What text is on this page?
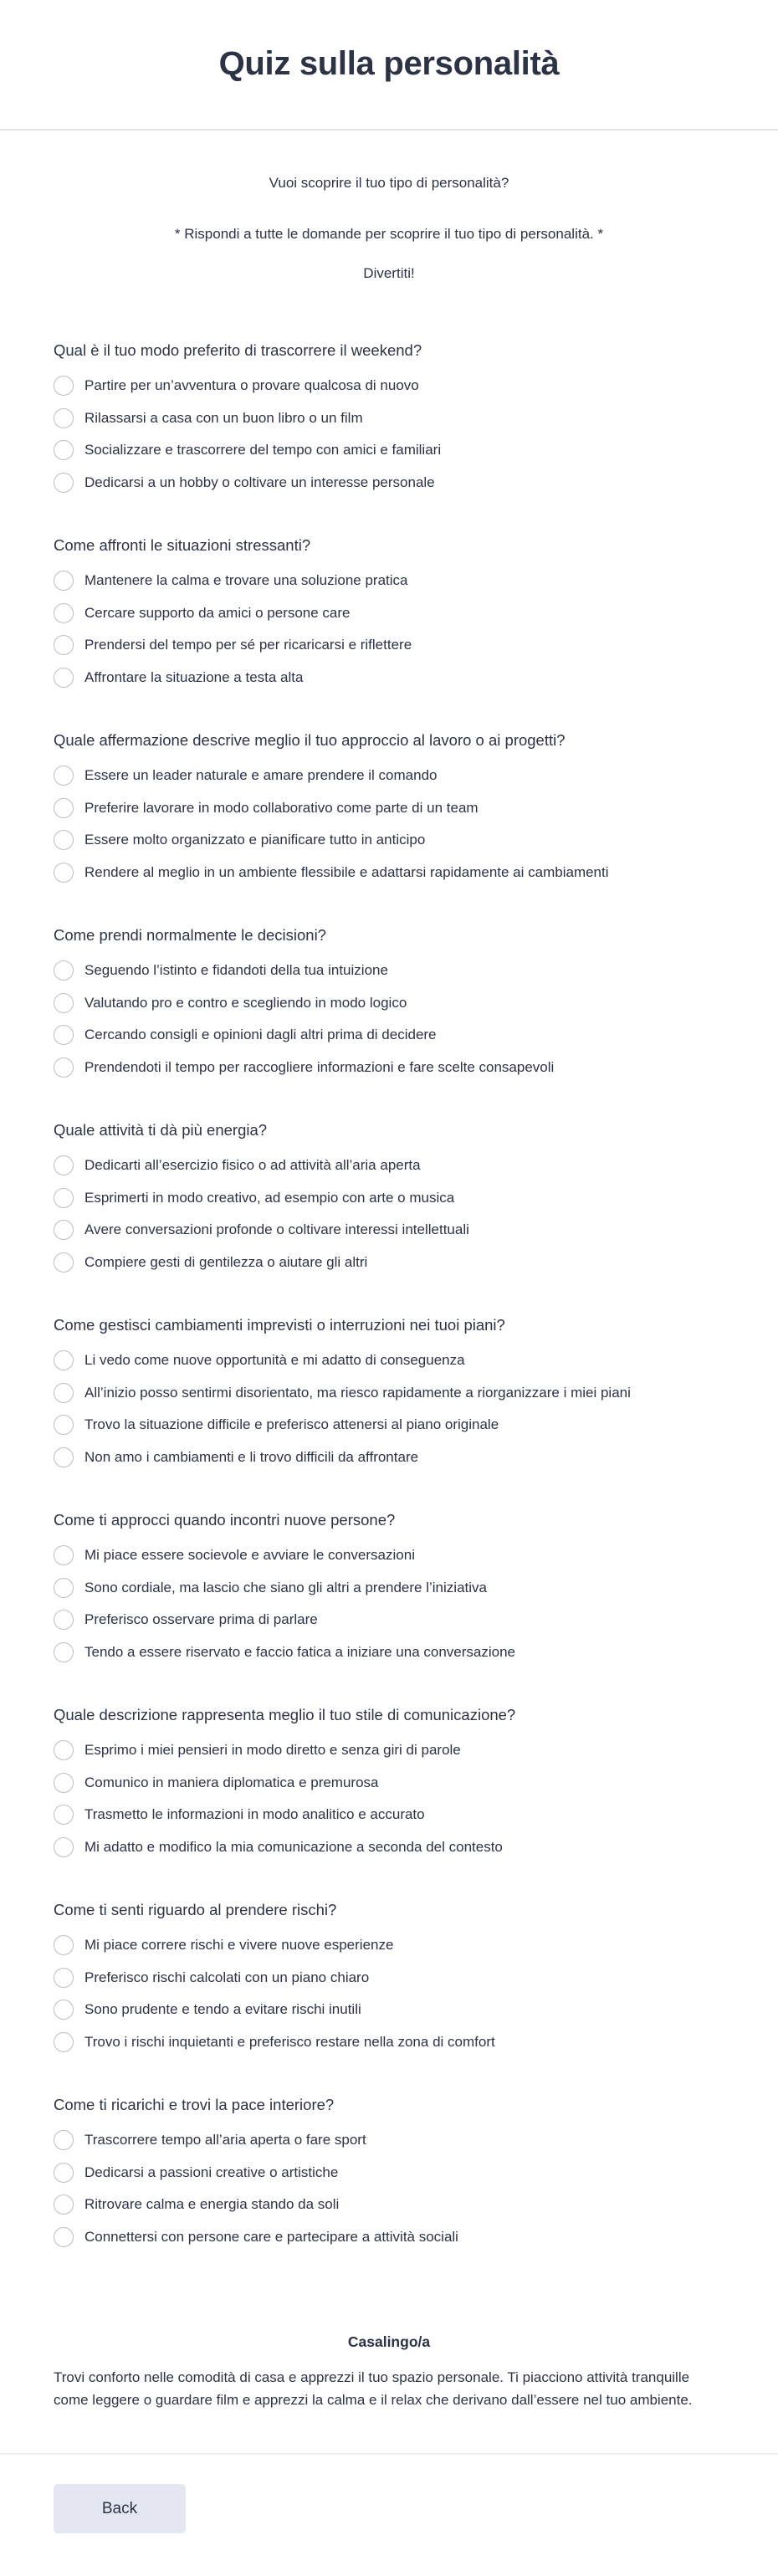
Quiz sulla personalità

Vuoi scoprire il tuo tipo di personalità?

* Rispondi a tutte le domande per scoprire il tuo tipo di personalità. *

Divertiti!

Qual è il tuo modo preferito di trascorrere il weekend?
Partire per un’avventura o provare qualcosa di nuovo
Rilassarsi a casa con un buon libro o un film
Socializzare e trascorrere del tempo con amici e familiari
Dedicarsi a un hobby o coltivare un interesse personale
Come affronti le situazioni stressanti?
Mantenere la calma e trovare una soluzione pratica
Cercare supporto da amici o persone care
Prendersi del tempo per sé per ricaricarsi e riflettere
Affrontare la situazione a testa alta
Quale affermazione descrive meglio il tuo approccio al lavoro o ai progetti?
Essere un leader naturale e amare prendere il comando
Preferire lavorare in modo collaborativo come parte di un team
Essere molto organizzato e pianificare tutto in anticipo
Rendere al meglio in un ambiente flessibile e adattarsi rapidamente ai cambiamenti
Come prendi normalmente le decisioni?
Seguendo l’istinto e fidandoti della tua intuizione
Valutando pro e contro e scegliendo in modo logico
Cercando consigli e opinioni dagli altri prima di decidere
Prendendoti il tempo per raccogliere informazioni e fare scelte consapevoli
Quale attività ti dà più energia?
Dedicarti all’esercizio fisico o ad attività all’aria aperta
Esprimerti in modo creativo, ad esempio con arte o musica
Avere conversazioni profonde o coltivare interessi intellettuali
Compiere gesti di gentilezza o aiutare gli altri
Come gestisci cambiamenti imprevisti o interruzioni nei tuoi piani?
Li vedo come nuove opportunità e mi adatto di conseguenza
All’inizio posso sentirmi disorientato, ma riesco rapidamente a riorganizzare i miei piani
Trovo la situazione difficile e preferisco attenersi al piano originale
Non amo i cambiamenti e li trovo difficili da affrontare
Come ti approcci quando incontri nuove persone?
Mi piace essere socievole e avviare le conversazioni
Sono cordiale, ma lascio che siano gli altri a prendere l’iniziativa
Preferisco osservare prima di parlare
Tendo a essere riservato e faccio fatica a iniziare una conversazione
Quale descrizione rappresenta meglio il tuo stile di comunicazione?
Esprimo i miei pensieri in modo diretto e senza giri di parole
Comunico in maniera diplomatica e premurosa
Trasmetto le informazioni in modo analitico e accurato
Mi adatto e modifico la mia comunicazione a seconda del contesto
Come ti senti riguardo al prendere rischi?
Mi piace correre rischi e vivere nuove esperienze
Preferisco rischi calcolati con un piano chiaro
Sono prudente e tendo a evitare rischi inutili
Trovo i rischi inquietanti e preferisco restare nella zona di comfort
Come ti ricarichi e trovi la pace interiore?
Trascorrere tempo all’aria aperta o fare sport
Dedicarsi a passioni creative o artistiche
Ritrovare calma e energia stando da soli
Connettersi con persone care e partecipare a attività sociali
Casalingo/a

Trovi conforto nelle comodità di casa e apprezzi il tuo spazio personale. Ti piacciono attività tranquille come leggere o guardare film e apprezzi la calma e il relax che derivano dall’essere nel tuo ambiente.

Back
